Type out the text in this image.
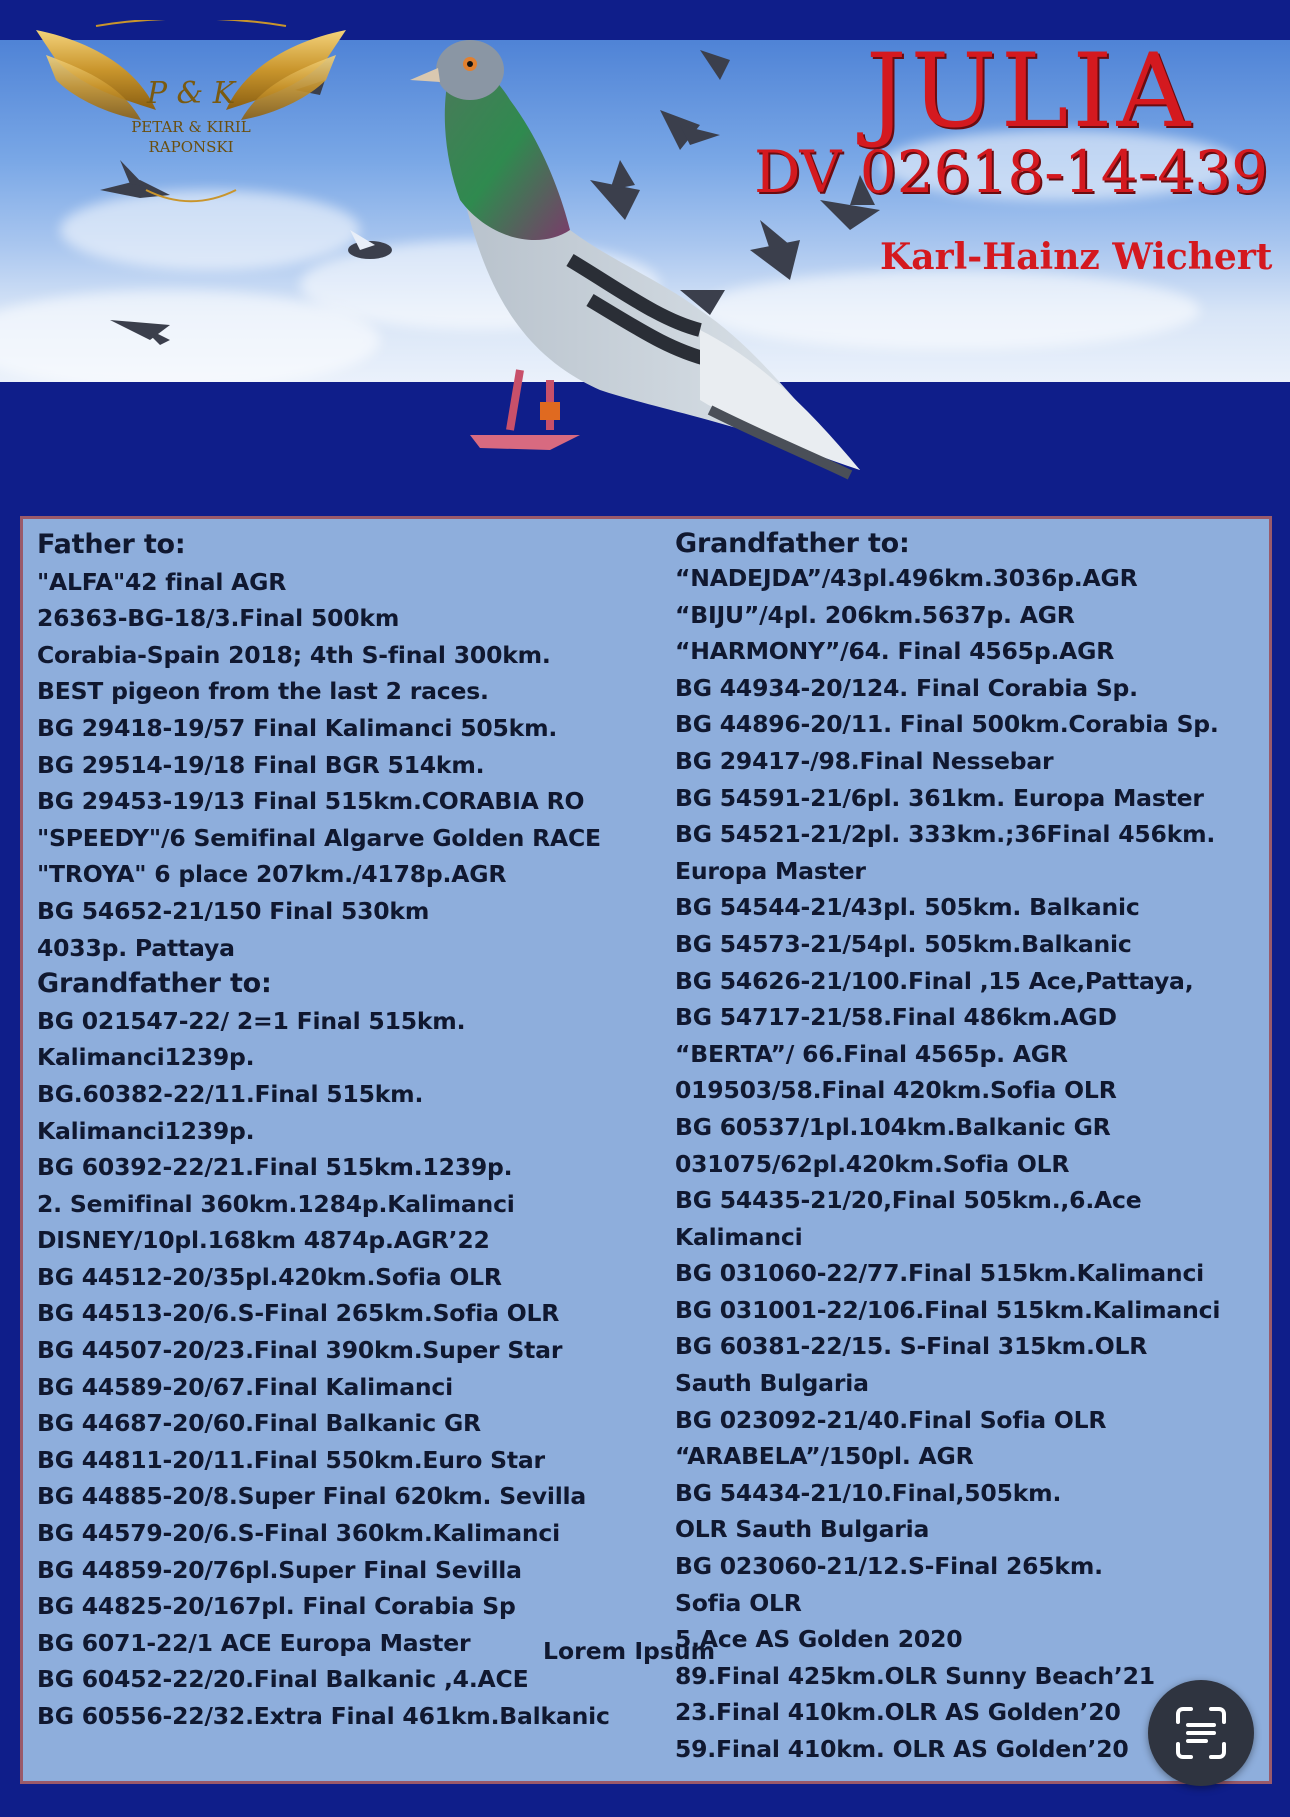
P & K
PETAR & KIRIL
RAPONSKI	JULIA
DV 02618-14-439
Karl-Hainz Wichert
Father to:
"ALFA"42 final AGR
26363-BG-18/3.Final 500km
Corabia-Spain 2018; 4th S-final 300km.
BEST pigeon from the last 2 races.
BG 29418-19/57 Final Kalimanci 505km.
BG 29514-19/18 Final BGR 514km.
BG 29453-19/13 Final 515km.CORABIA RO
"SPEEDY"/6 Semifinal Algarve Golden RACE
"TROYA" 6 place 207km./4178p.AGR
BG 54652-21/150 Final 530km
4033p. Pattaya
Grandfather to:
BG 021547-22/ 2=1 Final 515km.
Kalimanci1239p.
BG.60382-22/11.Final 515km.
Kalimanci1239p.
BG 60392-22/21.Final 515km.1239p.
2. Semifinal 360km.1284p.Kalimanci
DISNEY/10pl.168km 4874p.AGR’22
BG 44512-20/35pl.420km.Sofia OLR
BG 44513-20/6.S-Final 265km.Sofia OLR
BG 44507-20/23.Final 390km.Super Star
BG 44589-20/67.Final Kalimanci
BG 44687-20/60.Final Balkanic GR
BG 44811-20/11.Final 550km.Euro Star
BG 44885-20/8.Super Final 620km. Sevilla
BG 44579-20/6.S-Final 360km.Kalimanci
BG 44859-20/76pl.Super Final Sevilla
BG 44825-20/167pl. Final Corabia Sp
BG 6071-22/1 ACE Europa Master
BG 60452-22/20.Final Balkanic ,4.ACE
BG 60556-22/32.Extra Final 461km.Balkanic
Grandfather to:
“NADEJDA”/43pl.496km.3036p.AGR
“BIJU”/4pl. 206km.5637p. AGR
“HARMONY”/64. Final 4565p.AGR
BG 44934-20/124. Final Corabia Sp.
BG 44896-20/11. Final 500km.Corabia Sp.
BG 29417-/98.Final Nessebar
BG 54591-21/6pl. 361km. Europa Master
BG 54521-21/2pl. 333km.;36Final 456km.
Europa Master
BG 54544-21/43pl. 505km. Balkanic
BG 54573-21/54pl. 505km.Balkanic
BG 54626-21/100.Final ,15 Ace,Pattaya,
BG 54717-21/58.Final 486km.AGD
“BERTA”/ 66.Final 4565p. AGR
019503/58.Final 420km.Sofia OLR
BG 60537/1pl.104km.Balkanic GR
031075/62pl.420km.Sofia OLR
BG 54435-21/20,Final 505km.,6.Ace
Kalimanci
BG 031060-22/77.Final 515km.Kalimanci
BG 031001-22/106.Final 515km.Kalimanci
BG 60381-22/15. S-Final 315km.OLR
Sauth Bulgaria
BG 023092-21/40.Final Sofia OLR
“ARABELA”/150pl. AGR
BG 54434-21/10.Final,505km.
OLR Sauth Bulgaria
BG 023060-21/12.S-Final 265km.
Sofia OLR
5.Ace AS Golden 2020
89.Final 425km.OLR Sunny Beach’21
23.Final 410km.OLR AS Golden’20
59.Final 410km. OLR AS Golden’20
Lorem Ipsum
